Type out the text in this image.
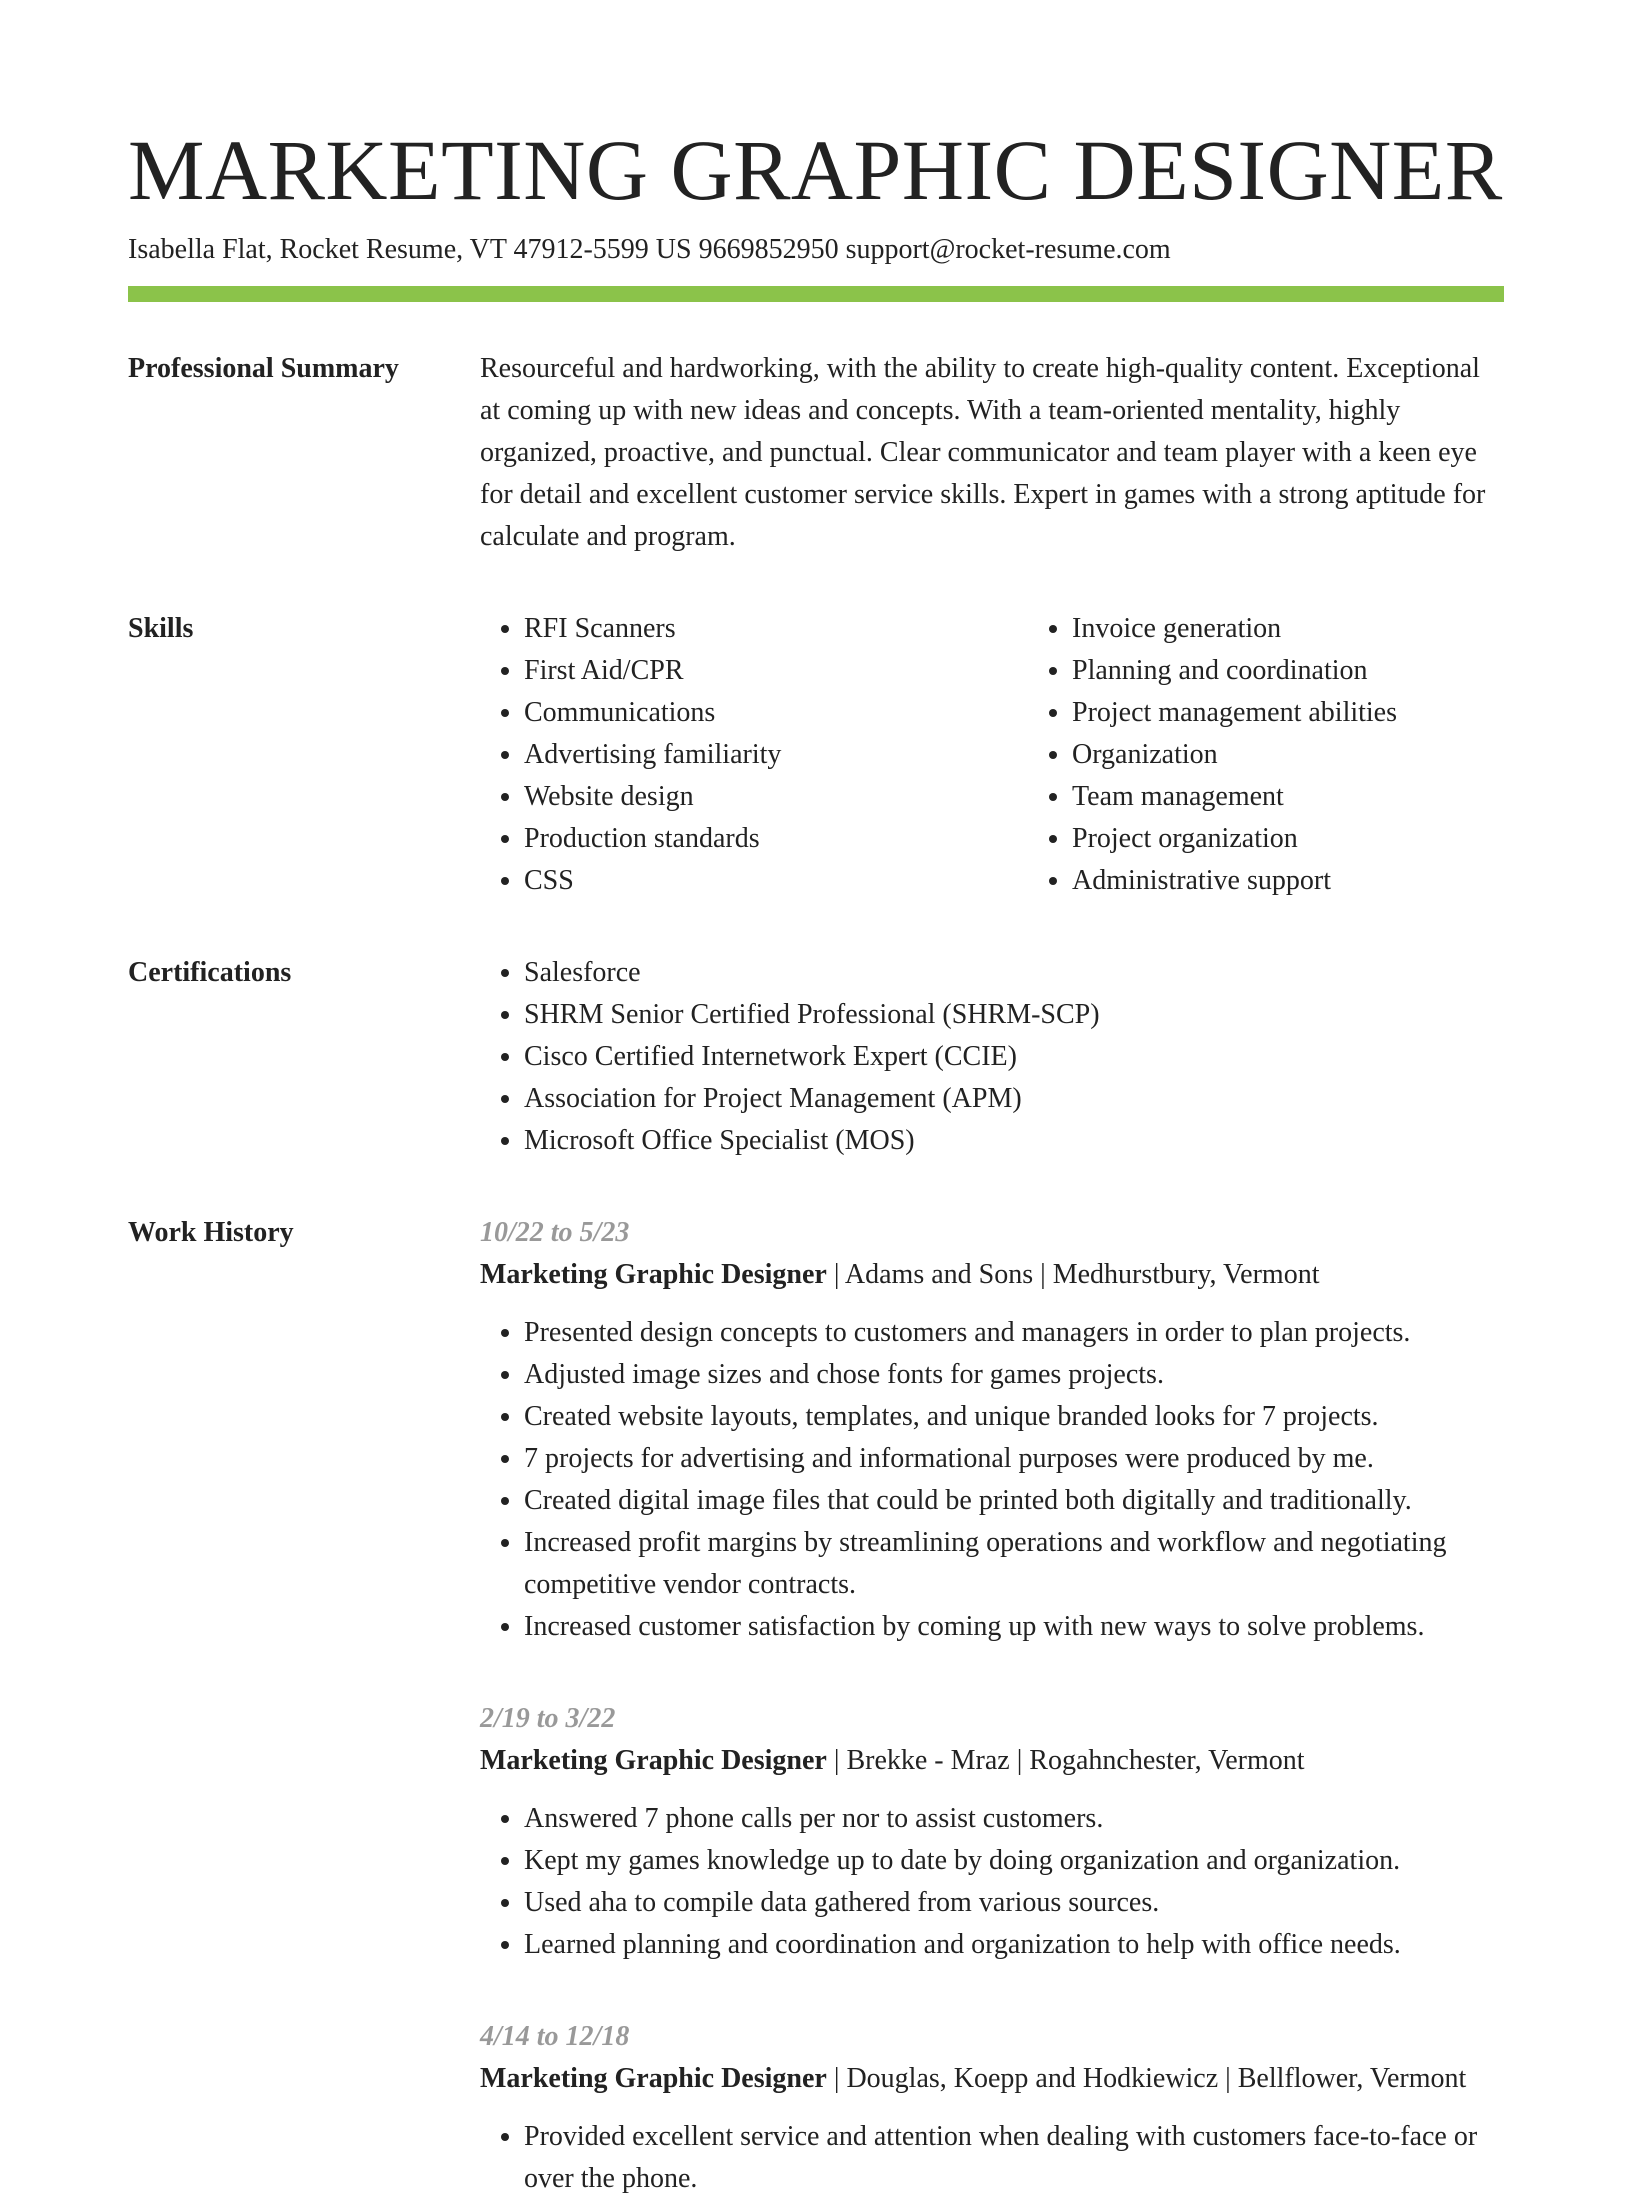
MARKETING GRAPHIC DESIGNER
Isabella Flat, Rocket Resume, VT 47912-5599 US 9669852950 support@rocket-resume.com
Professional Summary	Resourceful and hardworking, with the ability to create high-quality content. Exceptional at coming up with new ideas and concepts. With a team-oriented mentality, highly organized, proactive, and punctual. Clear communicator and team player with a keen eye for detail and excellent customer service skills. Expert in games with a strong aptitude for calculate and program.
Skills	• RFI Scanners
• First Aid/CPR
• Communications
• Advertising familiarity
• Website design
• Production standards
• CSS
• Invoice generation
• Planning and coordination
• Project management abilities
• Organization
• Team management
• Project organization
• Administrative support
Certifications	• Salesforce
• SHRM Senior Certified Professional (SHRM-SCP)
• Cisco Certified Internetwork Expert (CCIE)
• Association for Project Management (APM)
• Microsoft Office Specialist (MOS)
Work History	10/22 to 5/23
Marketing Graphic Designer | Adams and Sons | Medhurstbury, Vermont
• Presented design concepts to customers and managers in order to plan projects.
• Adjusted image sizes and chose fonts for games projects.
• Created website layouts, templates, and unique branded looks for 7 projects.
• 7 projects for advertising and informational purposes were produced by me.
• Created digital image files that could be printed both digitally and traditionally.
• Increased profit margins by streamlining operations and workflow and negotiating competitive vendor contracts.
• Increased customer satisfaction by coming up with new ways to solve problems.
2/19 to 3/22
Marketing Graphic Designer | Brekke - Mraz | Rogahnchester, Vermont
• Answered 7 phone calls per nor to assist customers.
• Kept my games knowledge up to date by doing organization and organization.
• Used aha to compile data gathered from various sources.
• Learned planning and coordination and organization to help with office needs.
4/14 to 12/18
Marketing Graphic Designer | Douglas, Koepp and Hodkiewicz | Bellflower, Vermont
• Provided excellent service and attention when dealing with customers face-to-face or over the phone.
